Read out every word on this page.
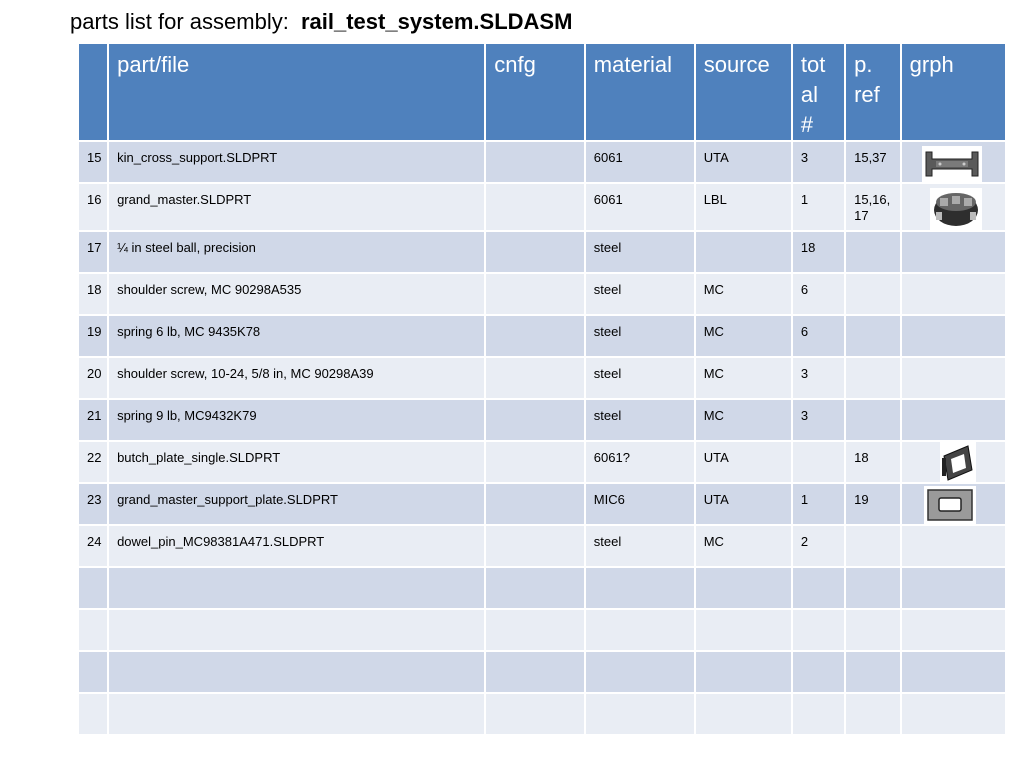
parts list for assembly: rail_test_system.SLDASM
	part/file	cnfg	material	source	tot al #	p. ref	grph
15	kin_cross_support.SLDPRT		6061	UTA	3	15,37	

16	grand_master.SLDPRT		6061	LBL	1	15,16, 17	

17	¼ in steel ball, precision		steel		18		
18	shoulder screw, MC 90298A535		steel	MC	6		
19	spring 6 lb, MC 9435K78		steel	MC	6		
20	shoulder screw, 10-24, 5/8 in, MC 90298A39		steel	MC	3		
21	spring 9 lb, MC9432K79		steel	MC	3		
22	butch_plate_single.SLDPRT		6061?	UTA		18	

23	grand_master_support_plate.SLDPRT		MIC6	UTA	1	19	

24	dowel_pin_MC98381A471.SLDPRT		steel	MC	2		
